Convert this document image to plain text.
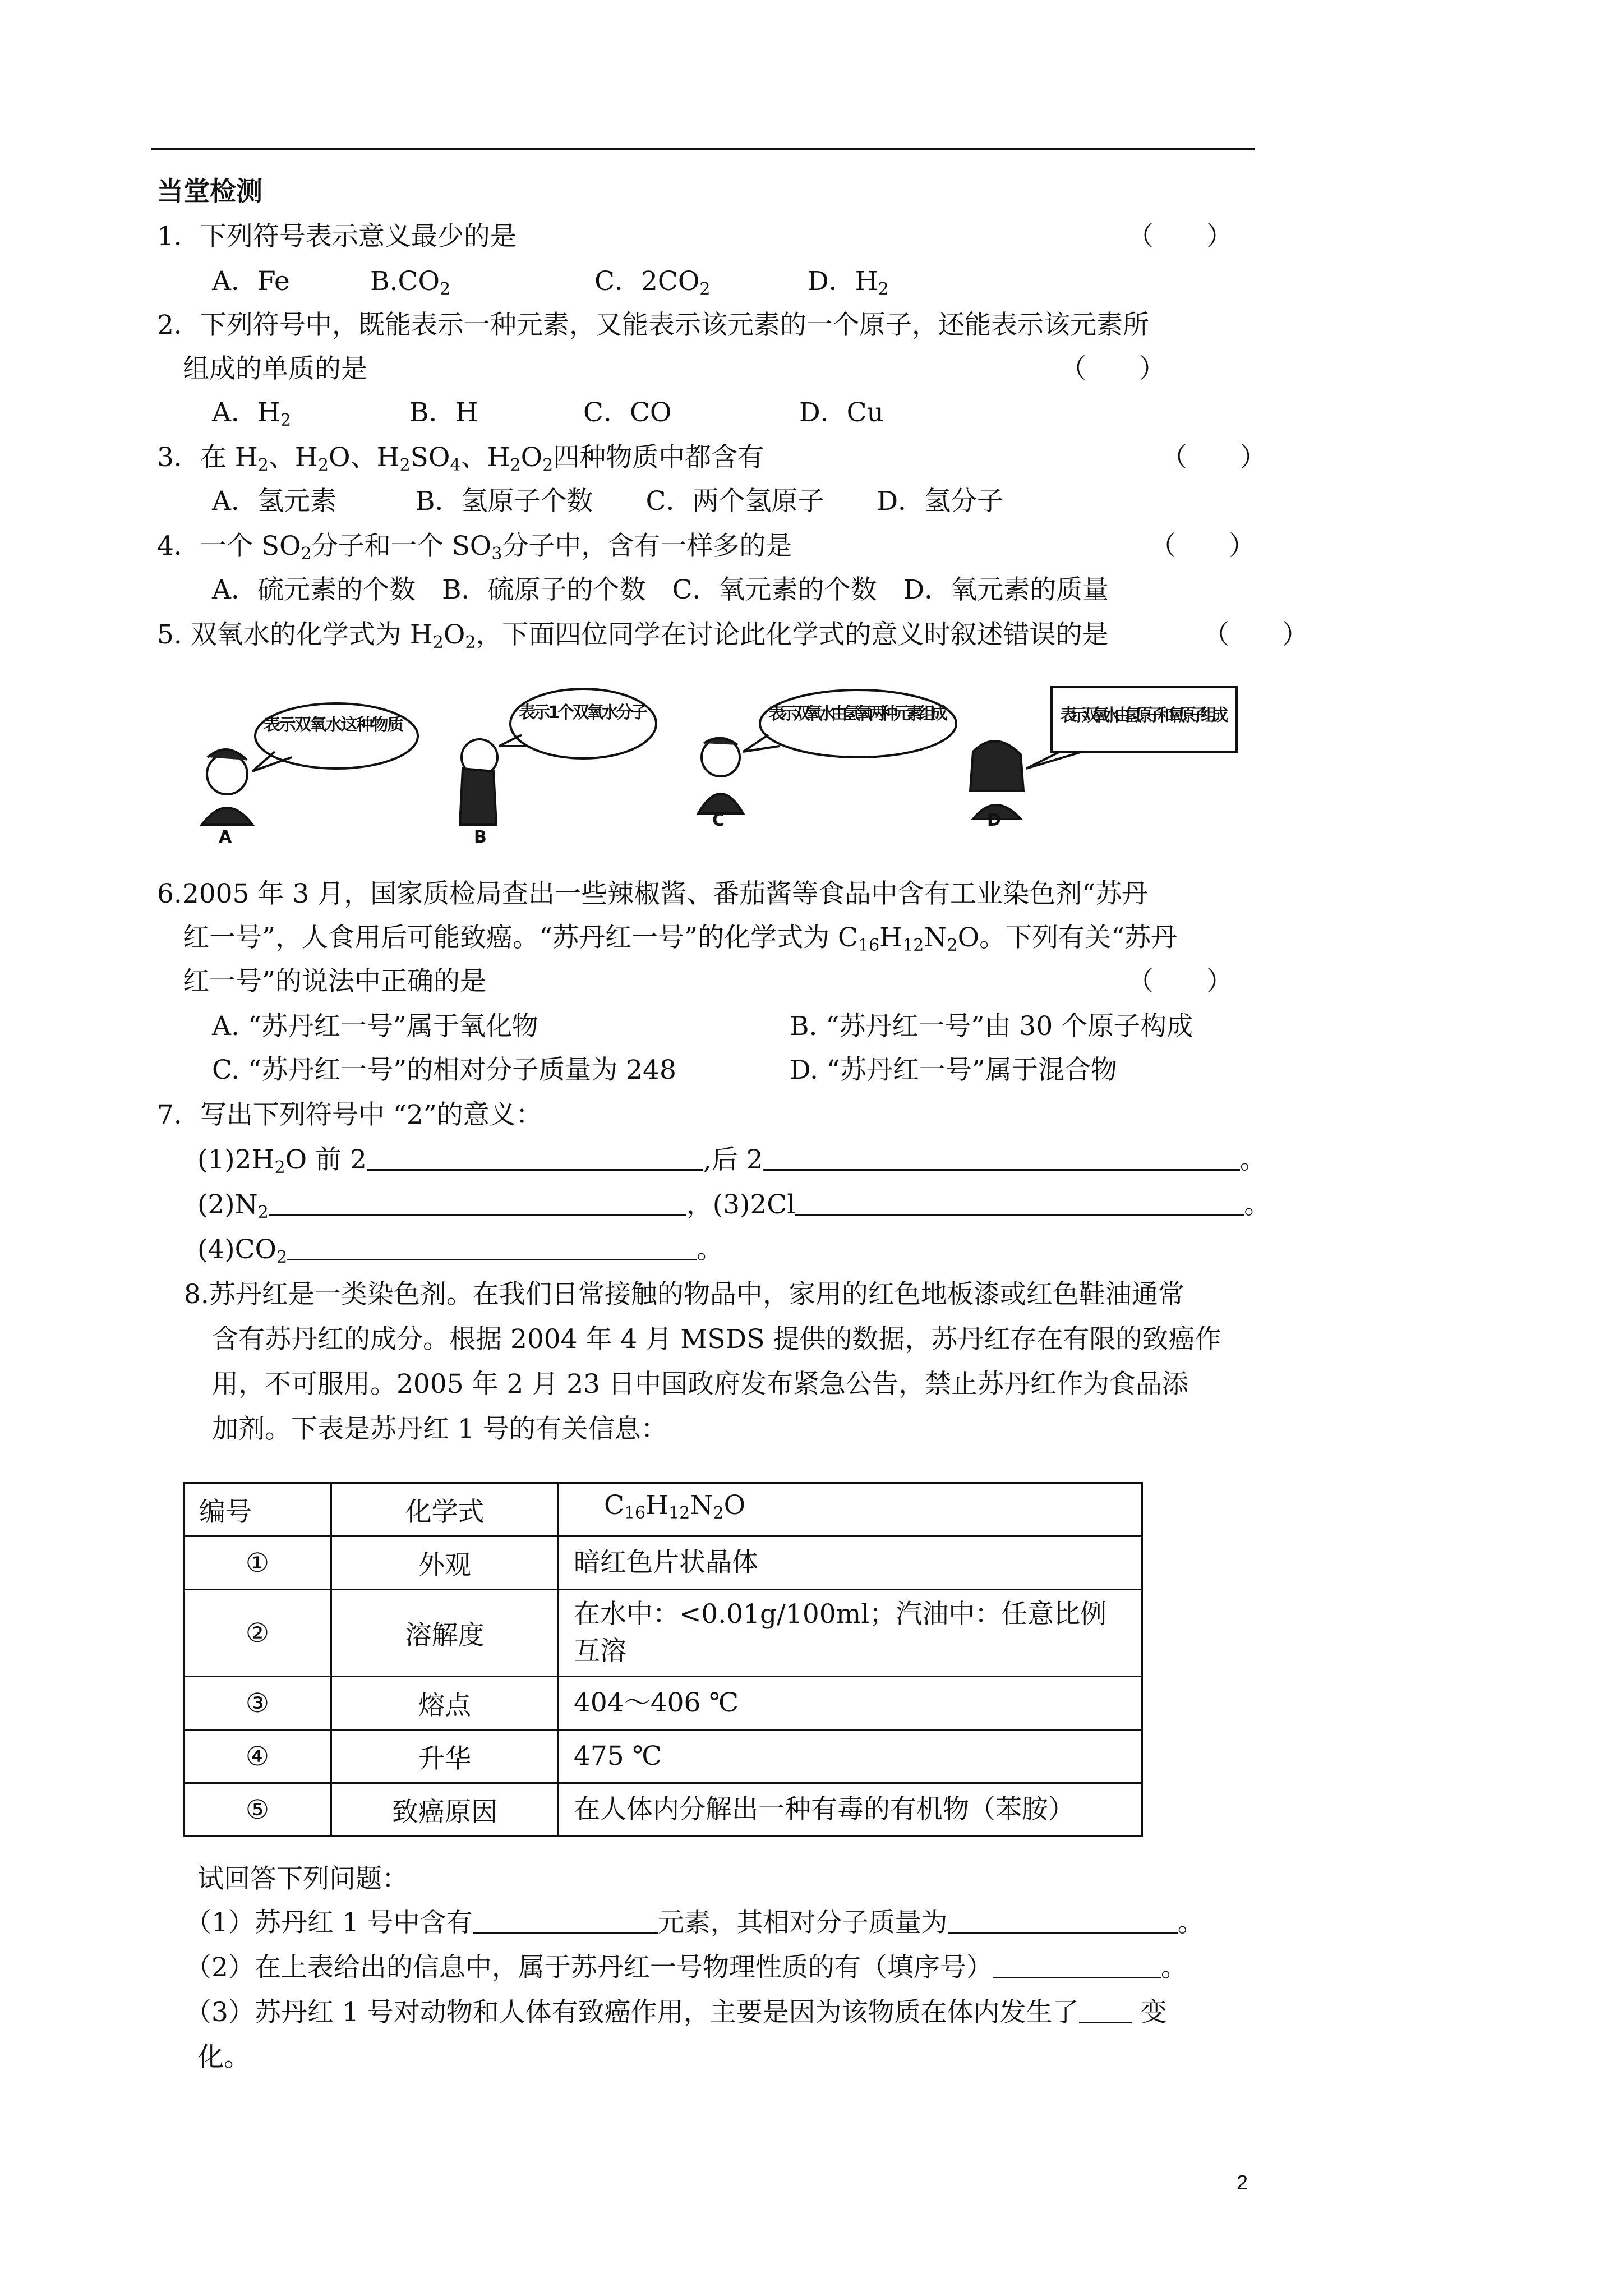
当堂检测
1．下列符号表示意义最少的是	（　　）
A．Fe	$B.CO_2$	C．$2CO_2$	D．$H_2$
2．下列符号中，既能表示一种元素，又能表示该元素的一个原子，还能表示该元素所
组成的单质的是	（　　）
A．$H_2$	B．H	C．CO	D．Cu
3．在 $H_2$、$H_2O$、$H_2SO_4$、$H_2O_2$四种物质中都含有	（　　）
A．氢元素　　　B．氢原子个数　　C．两个氢原子　　D．氢分子
4．一个 $SO_2$分子和一个 $SO_3$分子中，含有一样多的是	（　　）
A．硫元素的个数　B．硫原子的个数　C．氧元素的个数　D．氧元素的质量
5. 双氧水的化学式为 $H_2O_2$，下面四位同学在讨论此化学式的意义时叙述错误的是	（　　）
表示双氧水这种物质
表示1个双氧水分子	表示双氧水由氢氧两种元素组成	表示双氧水由氢原子和氧原子组成
A	B
C	D
6.2005 年 3 月，国家质检局查出一些辣椒酱、番茄酱等食品中含有工业染色剂“苏丹
红一号”，人食用后可能致癌。“苏丹红一号”的化学式为 $C_{16}H_{12}N_2O$。下列有关“苏丹
红一号”的说法中正确的是	（　　）
A. “苏丹红一号”属于氧化物	B. “苏丹红一号”由 30 个原子构成
C. “苏丹红一号”的相对分子质量为 248	D. “苏丹红一号”属于混合物
7．写出下列符号中 “2”的意义：
$(1)2H_2O$ 前 2	,后 2	。
$(2)N_2$	，(3)2Cl	。
$(4)CO_2$	。
8.苏丹红是一类染色剂。在我们日常接触的物品中，家用的红色地板漆或红色鞋油通常
含有苏丹红的成分。根据 2004 年 4 月 MSDS 提供的数据，苏丹红存在有限的致癌作
用，不可服用。2005 年 2 月 23 日中国政府发布紧急公告，禁止苏丹红作为食品添
加剂。下表是苏丹红 1 号的有关信息：
编号	化学式	$C_{16}H_{12}N_2O$
①	外观	暗红色片状晶体
②	溶解度	在水中：<0.01g/100ml；汽油中：任意比例互溶
③	熔点	404～406 ℃
④	升华	475 ℃
⑤	致癌原因	在人体内分解出一种有毒的有机物（苯胺）
试回答下列问题：
（1）苏丹红 1 号中含有	元素，其相对分子质量为	。
（2）在上表给出的信息中，属于苏丹红一号物理性质的有（填序号）	。
（3）苏丹红 1 号对动物和人体有致癌作用，主要是因为该物质在体内发生了 变
化。
2
